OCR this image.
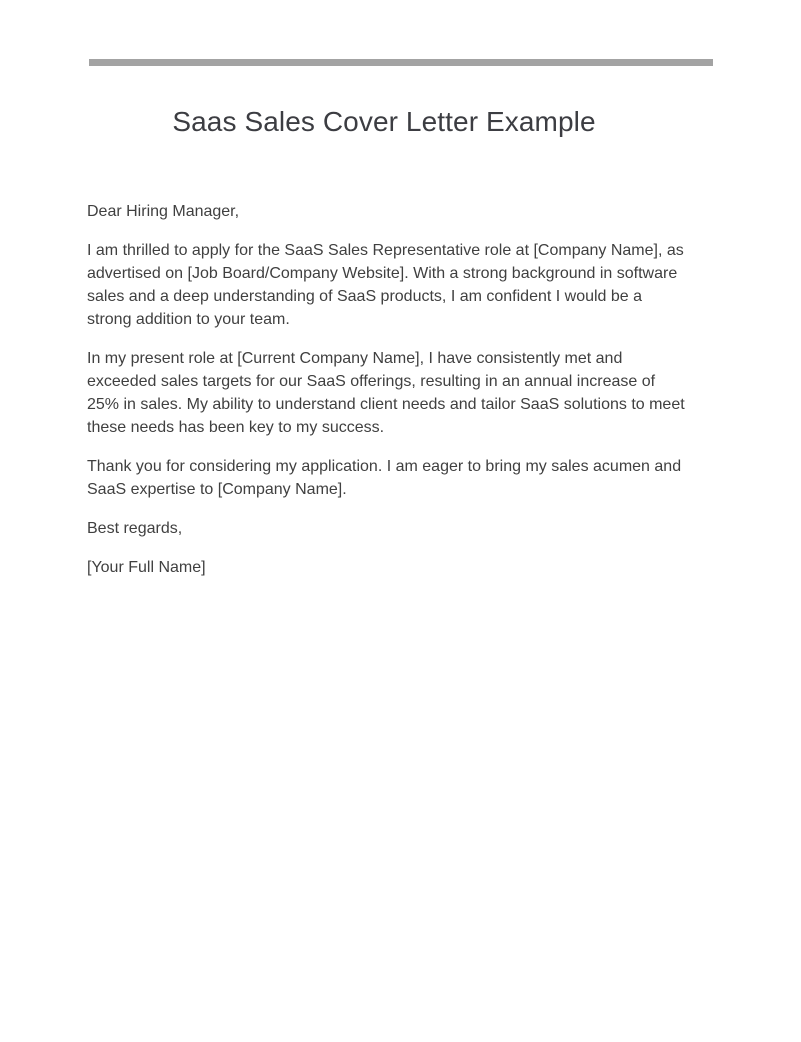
Saas Sales Cover Letter Example

Dear Hiring Manager,

I am thrilled to apply for the SaaS Sales Representative role at [Company Name], as advertised on [Job Board/Company Website]. With a strong background in software sales and a deep understanding of SaaS products, I am confident I would be a strong addition to your team.

In my present role at [Current Company Name], I have consistently met and exceeded sales targets for our SaaS offerings, resulting in an annual increase of 25% in sales. My ability to understand client needs and tailor SaaS solutions to meet these needs has been key to my success.

Thank you for considering my application. I am eager to bring my sales acumen and SaaS expertise to [Company Name].

Best regards,

[Your Full Name]
